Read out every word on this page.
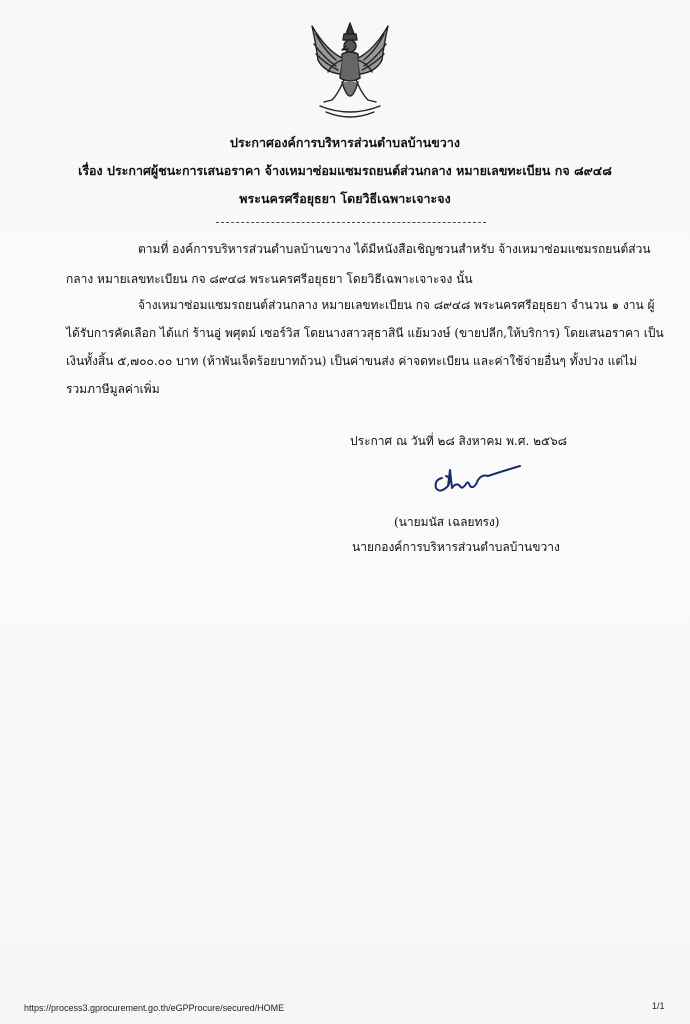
ประกาศองค์การบริหารส่วนตำบลบ้านขวาง
เรื่อง ประกาศผู้ชนะการเสนอราคา จ้างเหมาซ่อมแซมรถยนต์ส่วนกลาง หมายเลขทะเบียน กจ ๘๙๔๘
พระนครศรีอยุธยา โดยวิธีเฉพาะเจาะจง
ตามที่ องค์การบริหารส่วนตำบลบ้านขวาง ได้มีหนังสือเชิญชวนสำหรับ จ้างเหมาซ่อมแซมรถยนต์ส่วน
กลาง หมายเลขทะเบียน กจ ๘๙๔๘ พระนครศรีอยุธยา โดยวิธีเฉพาะเจาะจง นั้น
จ้างเหมาซ่อมแซมรถยนต์ส่วนกลาง หมายเลขทะเบียน กจ ๘๙๔๘ พระนครศรีอยุธยา จำนวน ๑ งาน ผู้
ได้รับการคัดเลือก ได้แก่ ร้านอู่ พศุตม์ เซอร์วิส โดยนางสาวสุธาสินี แย้มวงษ์ (ขายปลีก,ให้บริการ) โดยเสนอราคา เป็น
เงินทั้งสิ้น ๕,๗๐๐.๐๐ บาท (ห้าพันเจ็ดร้อยบาทถ้วน) เป็นค่าขนส่ง ค่าจดทะเบียน และค่าใช้จ่ายอื่นๆ ทั้งปวง แต่ไม่
รวมภาษีมูลค่าเพิ่ม
ประกาศ ณ วันที่ ๒๘ สิงหาคม พ.ศ. ๒๕๖๘
(นายมนัส เฉลยทรง)
นายกองค์การบริหารส่วนตำบลบ้านขวาง
https://process3.gprocurement.go.th/eGPProcure/secured/HOME	1/1
